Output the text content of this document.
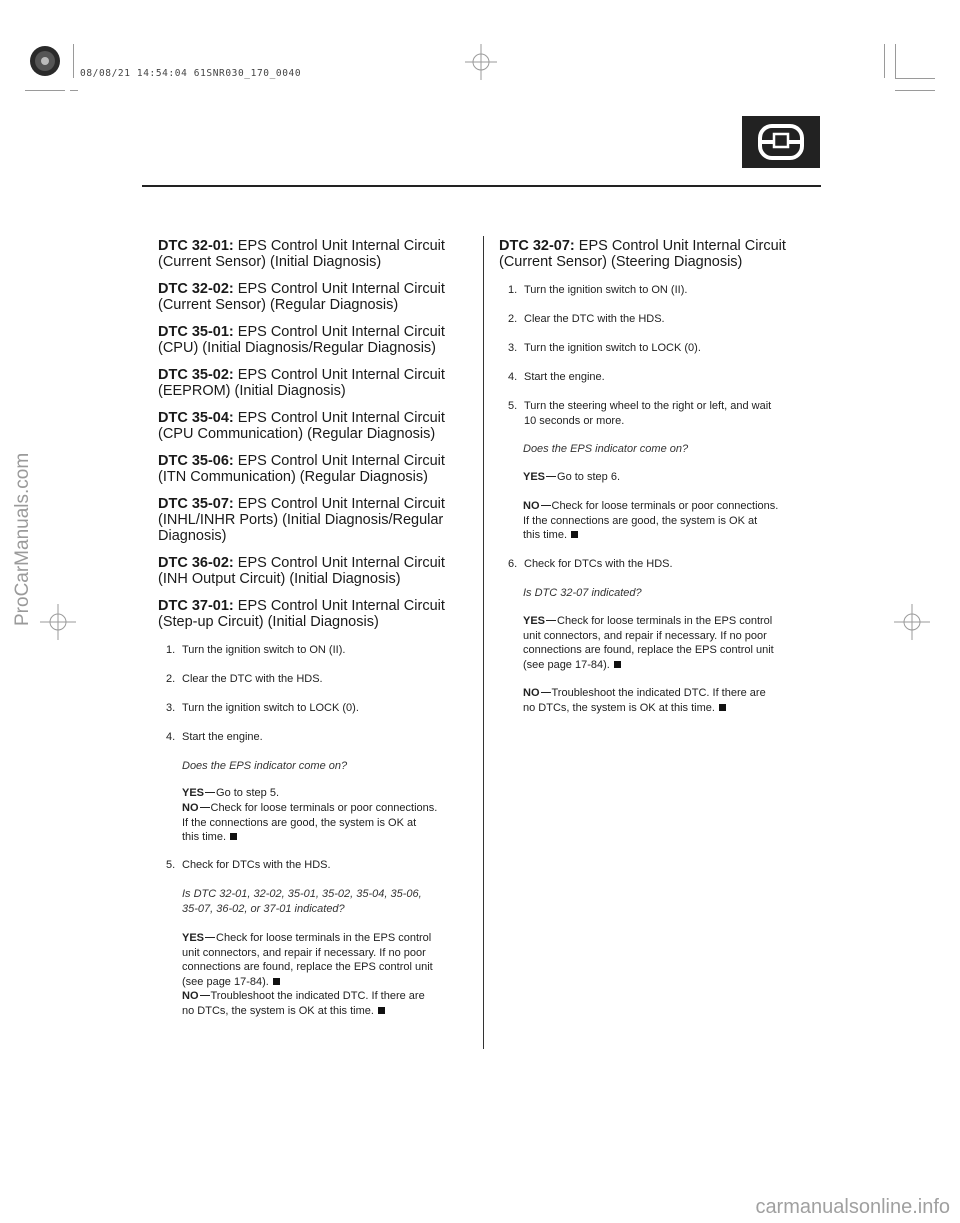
08/08/21 14:54:04 61SNR030_170_0040
DTC 32-01: EPS Control Unit Internal Circuit
(Current Sensor) (Initial Diagnosis)
DTC 32-02: EPS Control Unit Internal Circuit
(Current Sensor) (Regular Diagnosis)
DTC 35-01: EPS Control Unit Internal Circuit
(CPU) (Initial Diagnosis/Regular Diagnosis)
DTC 35-02: EPS Control Unit Internal Circuit
(EEPROM) (Initial Diagnosis)
DTC 35-04: EPS Control Unit Internal Circuit
(CPU Communication) (Regular Diagnosis)
DTC 35-06: EPS Control Unit Internal Circuit
(ITN Communication) (Regular Diagnosis)
DTC 35-07: EPS Control Unit Internal Circuit
(INHL/INHR Ports) (Initial Diagnosis/Regular
Diagnosis)
DTC 36-02: EPS Control Unit Internal Circuit
(INH Output Circuit) (Initial Diagnosis)
DTC 37-01: EPS Control Unit Internal Circuit
(Step-up Circuit) (Initial Diagnosis)
1. Turn the ignition switch to ON (II).
2. Clear the DTC with the HDS.
3. Turn the ignition switch to LOCK (0).
4. Start the engine.
Does the EPS indicator come on?
YES Go to step 5.
NO Check for loose terminals or poor connections.
If the connections are good, the system is OK at
this time.
5. Check for DTCs with the HDS.
Is DTC 32-01, 32-02, 35-01, 35-02, 35-04, 35-06,
35-07, 36-02, or 37-01 indicated?
YES Check for loose terminals in the EPS control
unit connectors, and repair if necessary. If no poor
connections are found, replace the EPS control unit
(see page 17-84).
NO Troubleshoot the indicated DTC. If there are
no DTCs, the system is OK at this time.
DTC 32-07: EPS Control Unit Internal Circuit
(Current Sensor) (Steering Diagnosis)
1. Turn the ignition switch to ON (II).
2. Clear the DTC with the HDS.
3. Turn the ignition switch to LOCK (0).
4. Start the engine.
5. Turn the steering wheel to the right or left, and wait
10 seconds or more.
Does the EPS indicator come on?
YES Go to step 6.
NO Check for loose terminals or poor connections.
If the connections are good, the system is OK at
this time.
6. Check for DTCs with the HDS.
Is DTC 32-07 indicated?
YES Check for loose terminals in the EPS control
unit connectors, and repair if necessary. If no poor
connections are found, replace the EPS control unit
(see page 17-84).
NO Troubleshoot the indicated DTC. If there are
no DTCs, the system is OK at this time.
ProCarManuals.com
carmanualsonline.info
